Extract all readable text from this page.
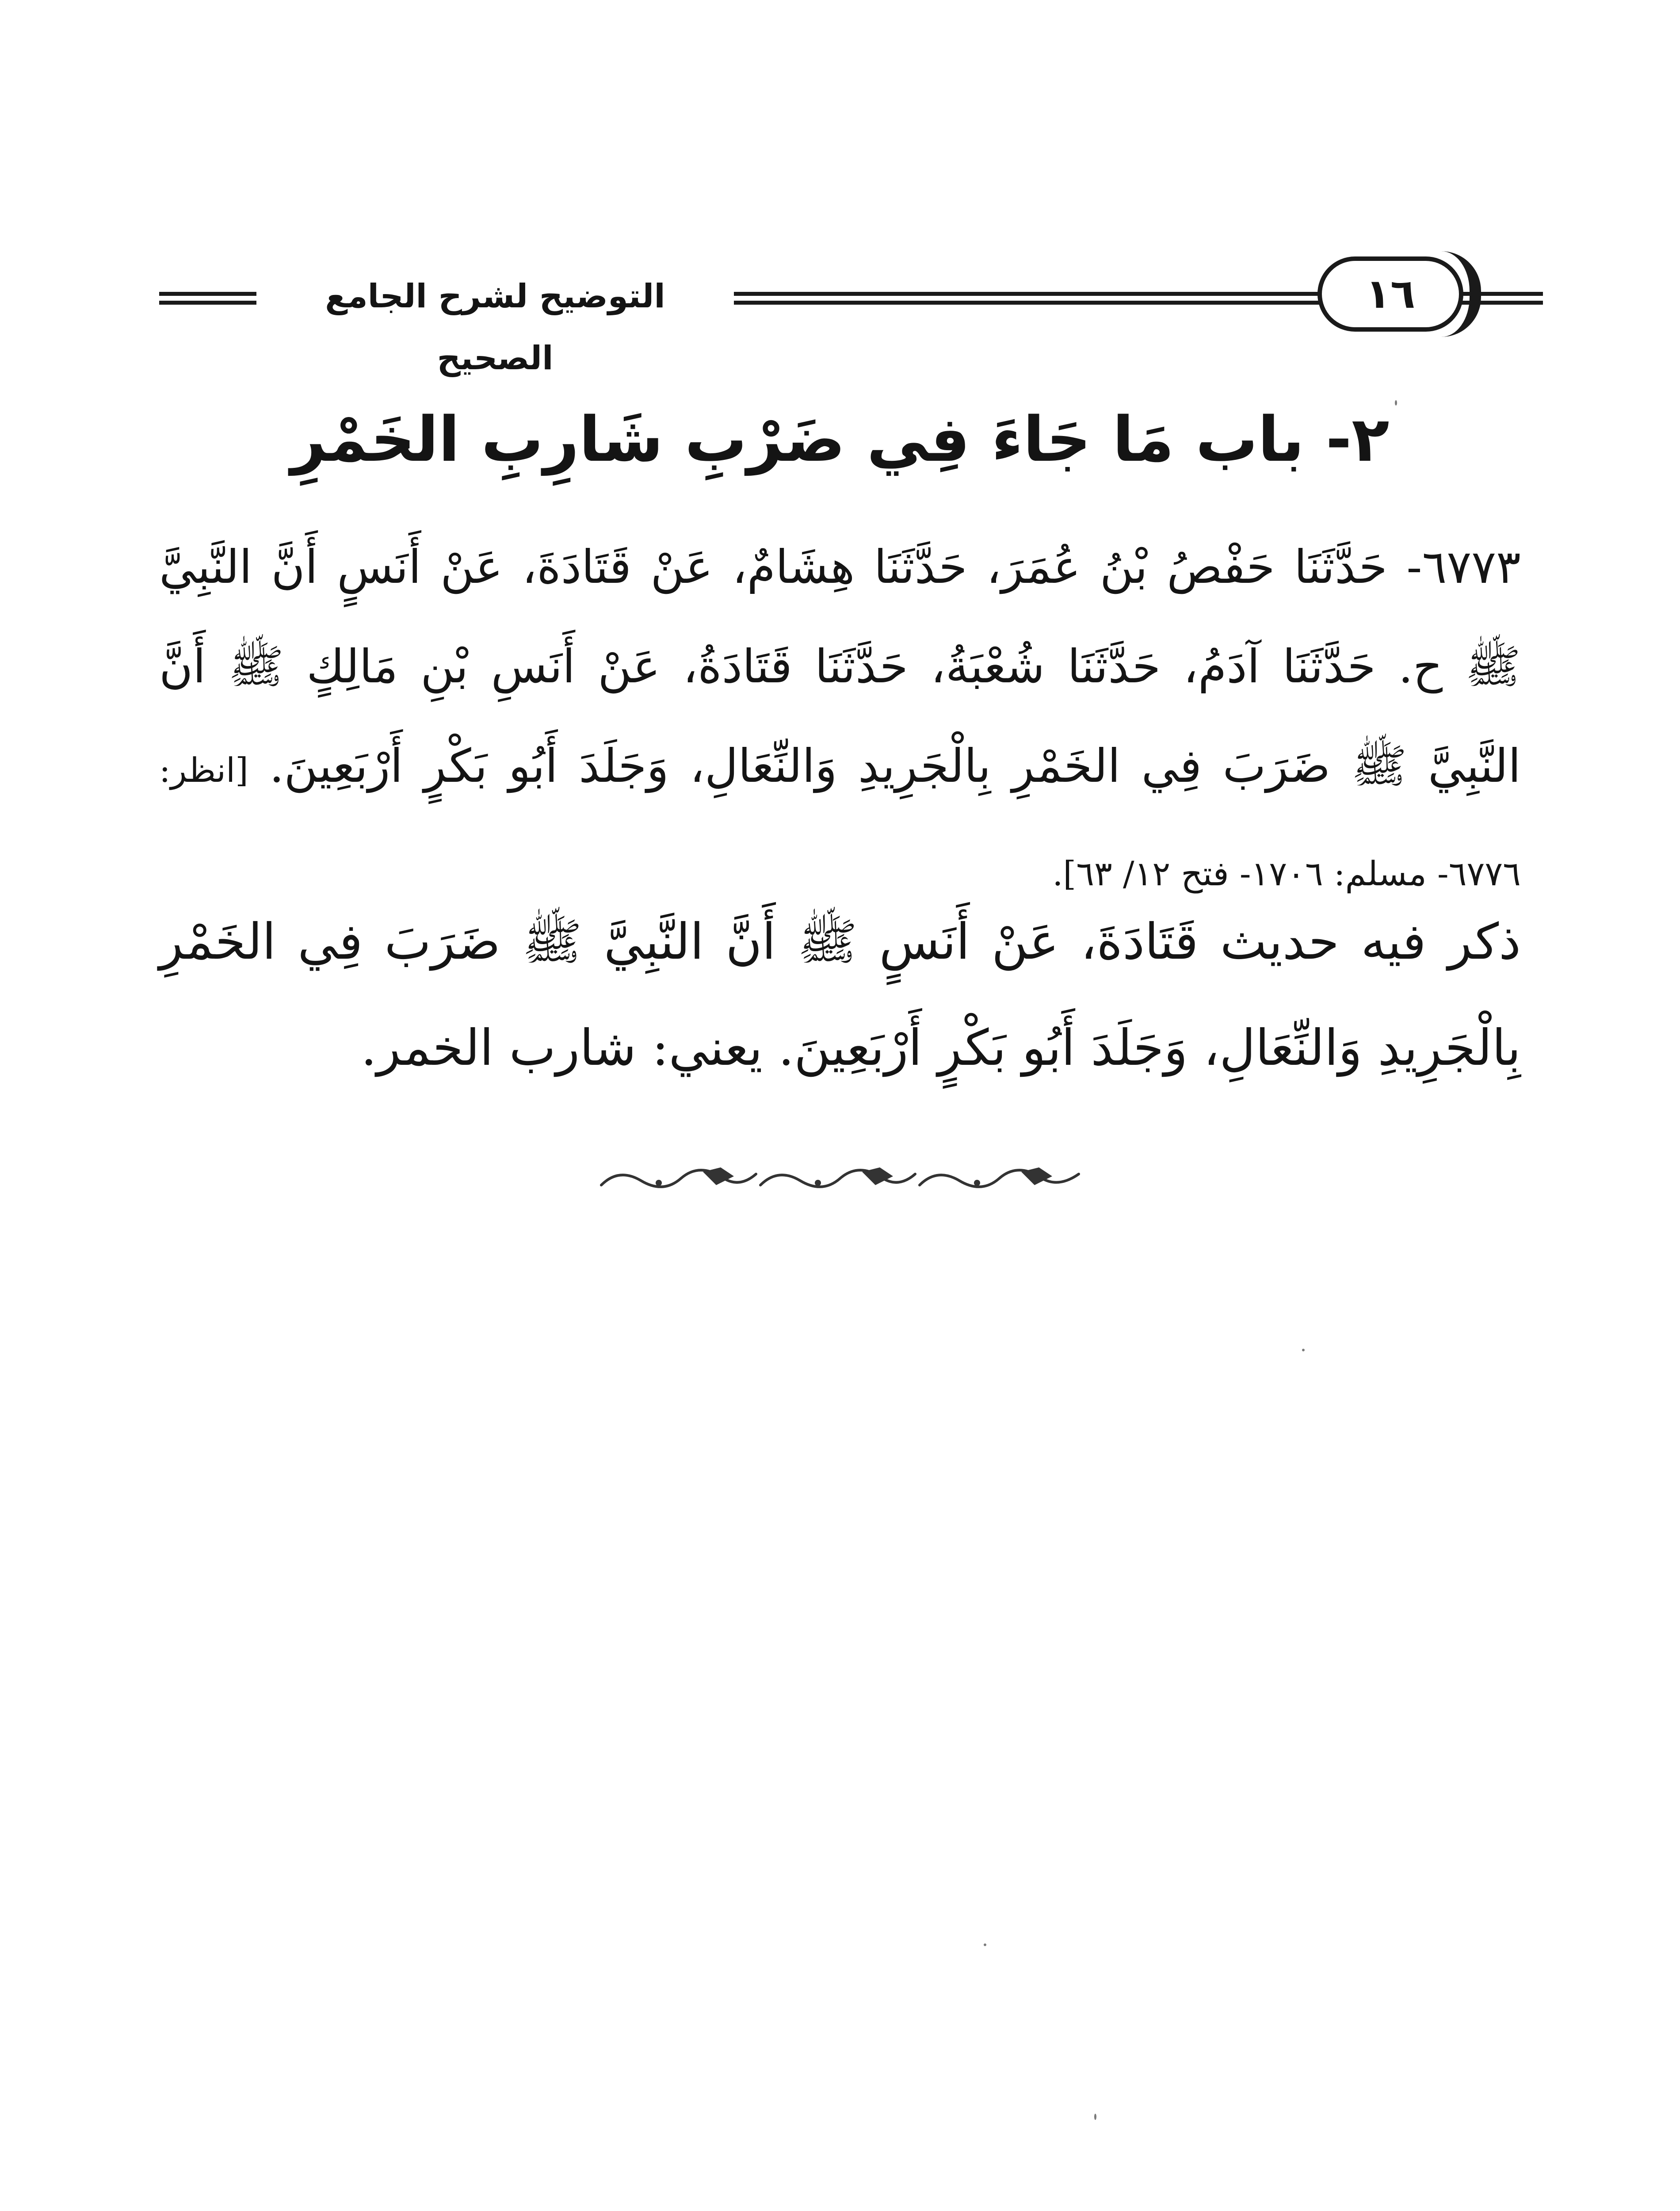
التوضيح لشرح الجامع الصحيح
١٦
٢- باب مَا جَاءَ فِي ضَرْبِ شَارِبِ الخَمْرِ
٦٧٧٣- حَدَّثَنَا حَفْصُ بْنُ عُمَرَ، حَدَّثَنَا هِشَامٌ، عَنْ قَتَادَةَ، عَنْ أَنَسٍ أَنَّ النَّبِيَّ ﷺ ح. حَدَّثَنَا آدَمُ، حَدَّثَنَا شُعْبَةُ، حَدَّثَنَا قَتَادَةُ، عَنْ أَنَسِ بْنِ مَالِكٍ ﷺ أَنَّ النَّبِيَّ ﷺ ضَرَبَ فِي الخَمْرِ بِالْجَرِيدِ وَالنِّعَالِ، وَجَلَدَ أَبُو بَكْرٍ أَرْبَعِينَ. [انظر: ٦٧٧٦- مسلم: ١٧٠٦- فتح ١٢/ ٦٣].
ذكر فيه حديث قَتَادَةَ، عَنْ أَنَسٍ ﷺ أَنَّ النَّبِيَّ ﷺ ضَرَبَ فِي الخَمْرِ بِالْجَرِيدِ وَالنِّعَالِ، وَجَلَدَ أَبُو بَكْرٍ أَرْبَعِينَ. يعني: شارب الخمر.
